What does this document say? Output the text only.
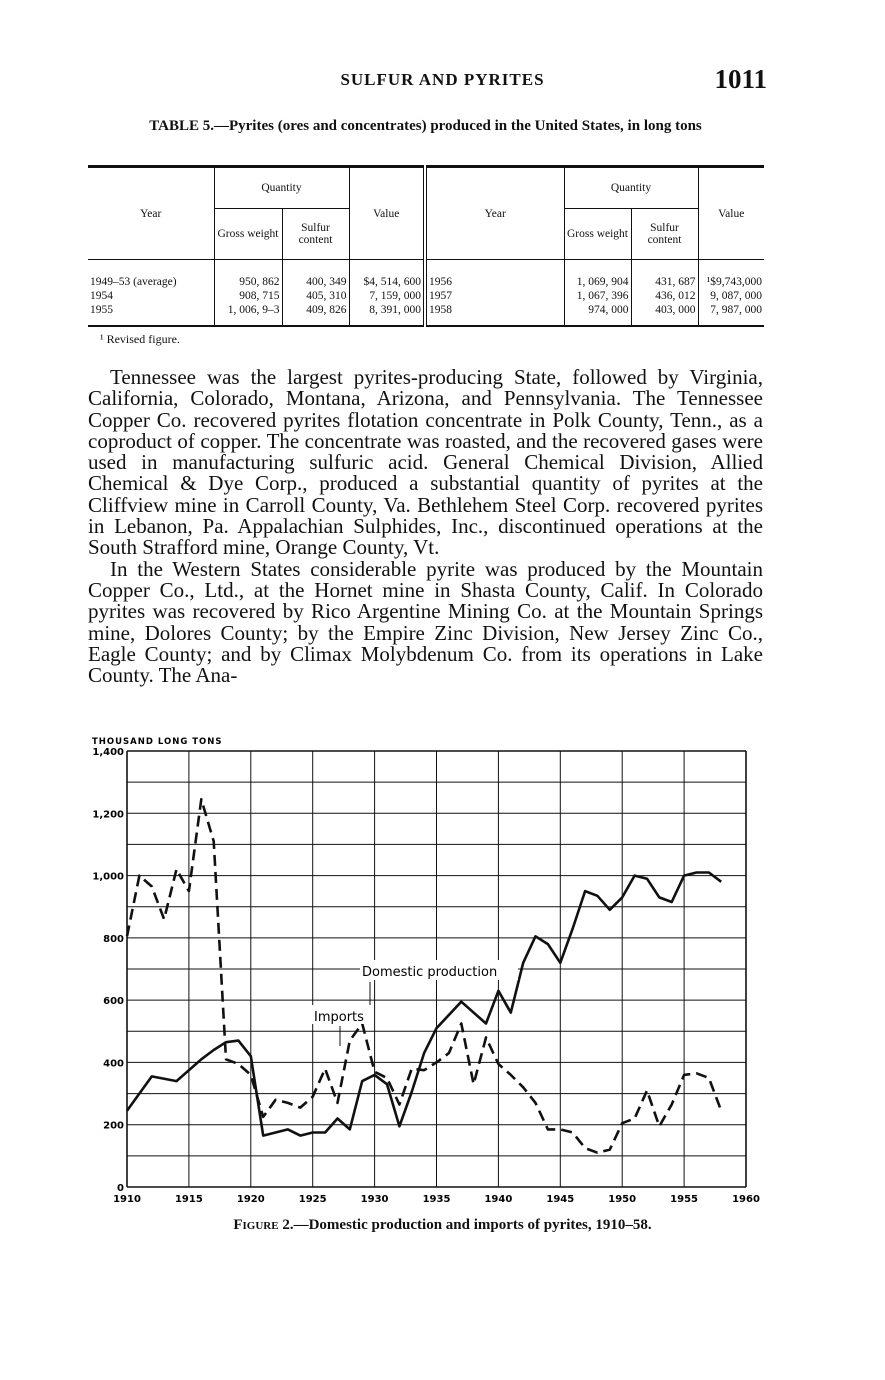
SULFUR AND PYRITES	1011
TABLE 5.—Pyrites (ores and concentrates) produced in the United States, in long tons
Year	Quantity		Value	Year	Quantity		Value
	Gross weight	Sulfur content			Gross weight	Sulfur content	
1949–53 (average)	950, 862	400, 349	$4, 514, 600	1956	1, 069, 904	431, 687	¹$9,743,000
1954	908, 715	405, 310	7, 159, 000	1957	1, 067, 396	436, 012	9, 087, 000
1955	1, 006, 9–3	409, 826	8, 391, 000	1958	974, 000	403, 000	7, 987, 000
¹ Revised figure.

Tennessee was the largest pyrites-producing State, followed by Virginia, California, Colorado, Montana, Arizona, and Pennsylvania. The Tennessee Copper Co. recovered pyrites flotation concentrate in Polk County, Tenn., as a coproduct of copper. The concentrate was roasted, and the recovered gases were used in manufacturing sulfuric acid. General Chemical Division, Allied Chemical & Dye Corp., produced a substantial quantity of pyrites at the Cliffview mine in Carroll County, Va. Bethlehem Steel Corp. recovered pyrites in Lebanon, Pa. Appalachian Sulphides, Inc., discontinued operations at the South Strafford mine, Orange County, Vt.

In the Western States considerable pyrite was produced by the Mountain Copper Co., Ltd., at the Hornet mine in Shasta County, Calif. In Colorado pyrites was recovered by Rico Argentine Mining Co. at the Mountain Springs mine, Dolores County; by the Empire Zinc Division, New Jersey Zinc Co., Eagle County; and by Climax Molybdenum Co. from its operations in Lake County. The Ana-

THOUSAND LONG TONS
0
200
400
600
800
1,000
1,200
1,400
1910	1915	1920	1925	1930	1935	1940	1945	1950	1955	1960
Domestic production
Imports
Figure 2.—Domestic production and imports of pyrites, 1910–58.
